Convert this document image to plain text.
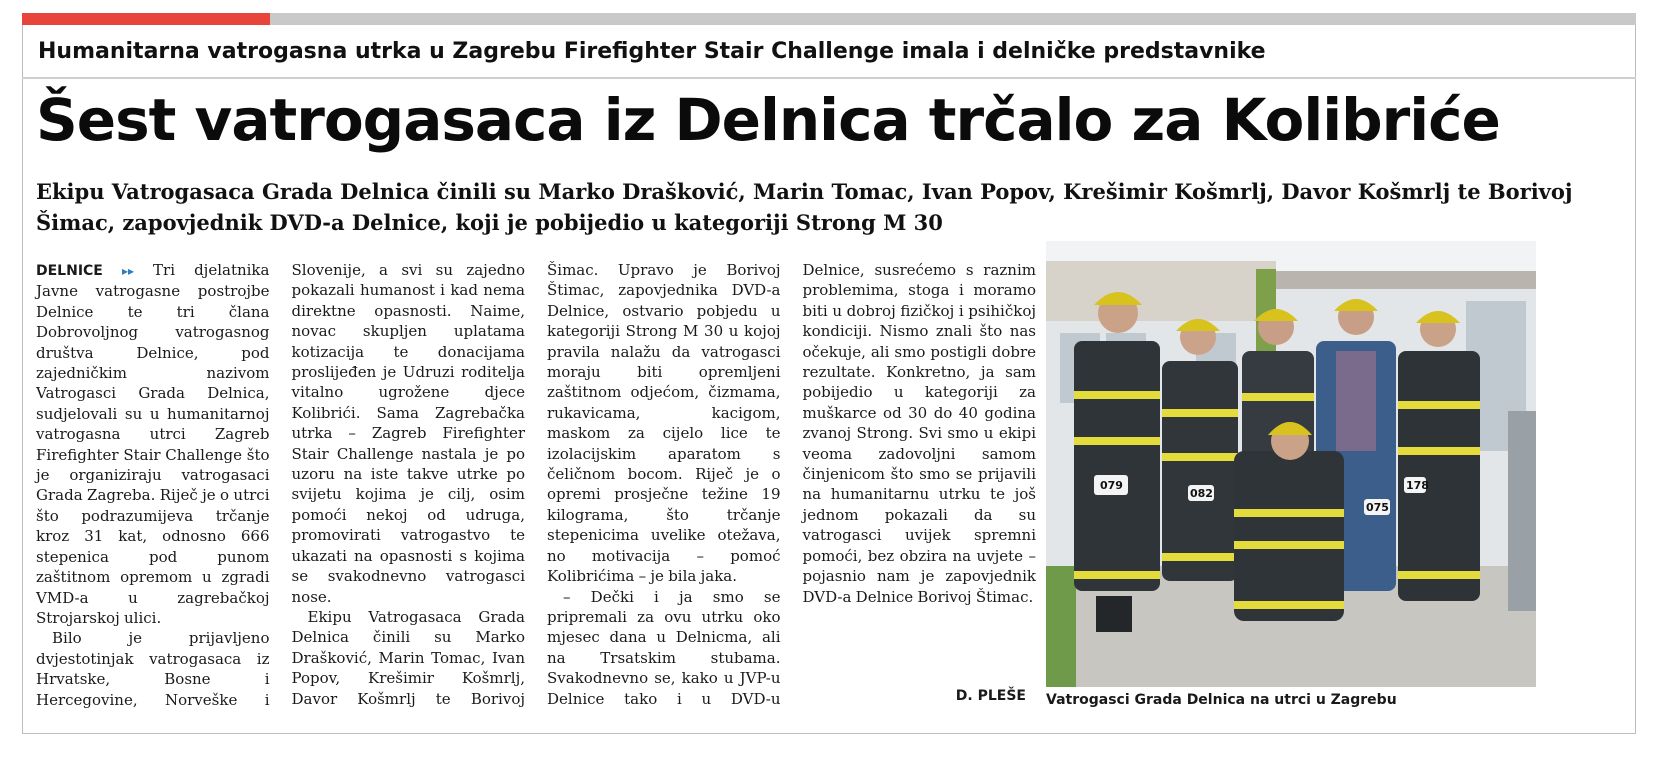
Humanitarna vatrogasna utrka u Zagrebu Firefighter Stair Challenge imala i delničke predstavnike
Šest vatrogasaca iz Delnica trčalo za Kolibriće
Ekipu Vatrogasaca Grada Delnica činili su Marko Drašković, Marin Tomac, Ivan Popov, Krešimir Košmrlj, Davor Košmrlj te Borivoj Šimac, zapovjednik DVD-a Delnice, koji je pobijedio u kategoriji Strong M 30

DELNICE ▸▸ Tri djelatnika Javne vatrogasne postrojbe Delnice te tri člana Dobrovoljnog vatrogasnog društva Delnice, pod zajedničkim nazivom Vatrogasci Grada Delnica, sudjelovali su u humanitarnoj vatrogasna utrci Zagreb Firefighter Stair Challenge što je organiziraju vatrogasaci Grada Zagreba. Riječ je o utrci što podrazumijeva trčanje kroz 31 kat, odnosno 666 stepenica pod punom zaštitnom opremom u zgradi VMD-a u zagrebačkoj Strojarskoj ulici.

Bilo je prijavljeno dvjestotinjak vatrogasaca iz Hrvatske, Bosne i Hercegovine, Norveške i Slovenije, a svi su zajedno pokazali humanost i kad nema direktne opasnosti. Naime, novac skupljen uplatama kotizacija te donacijama proslijeđen je Udruzi roditelja vitalno ugrožene djece Kolibrići. Sama Zagrebačka utrka – Zagreb Firefighter Stair Challenge nastala je po uzoru na iste takve utrke po svijetu kojima je cilj, osim pomoći nekoj od udruga, promovirati vatrogastvo te ukazati na opasnosti s kojima se svakodnevno vatrogasci nose.

Ekipu Vatrogasaca Grada Delnica činili su Marko Drašković, Marin Tomac, Ivan Popov, Krešimir Košmrlj, Davor Košmrlj te Borivoj Šimac. Upravo je Borivoj Štimac, zapovjednika DVD-a Delnice, ostvario pobjedu u kategoriji Strong M 30 u kojoj pravila nalažu da vatrogasci moraju biti opremljeni zaštitnom odjećom, čizmama, rukavicama, kacigom, maskom za cijelo lice te izolacijskim aparatom s čeličnom bocom. Riječ je o opremi prosječne težine 19 kilograma, što trčanje stepenicima uvelike otežava, no motivacija – pomoć Kolibrićima – je bila jaka.

– Dečki i ja smo se pripremali za ovu utrku oko mjesec dana u Delnicma, ali na Trsatskim stubama. Svakodnevno se, kako u JVP-u Delnice tako i u DVD-u Delnice, susrećemo s raznim problemima, stoga i moramo biti u dobroj fizičkoj i psihičkoj kondiciji. Nismo znali što nas očekuje, ali smo postigli dobre rezultate. Konkretno, ja sam pobijedio u kategoriji za muškarce od 30 do 40 godina zvanoj Strong. Svi smo u ekipi veoma zadovoljni samom činjenicom što smo se prijavili na humanitarnu utrku te još jednom pokazali da su vatrogasci uvijek spremni pomoći, bez obzira na uvjete – pojasnio nam je zapovjednik DVD-a Delnice Borivoj Štimac.

D. PLEŠE
079
082
075
178
Vatrogasci Grada Delnica na utrci u Zagrebu
